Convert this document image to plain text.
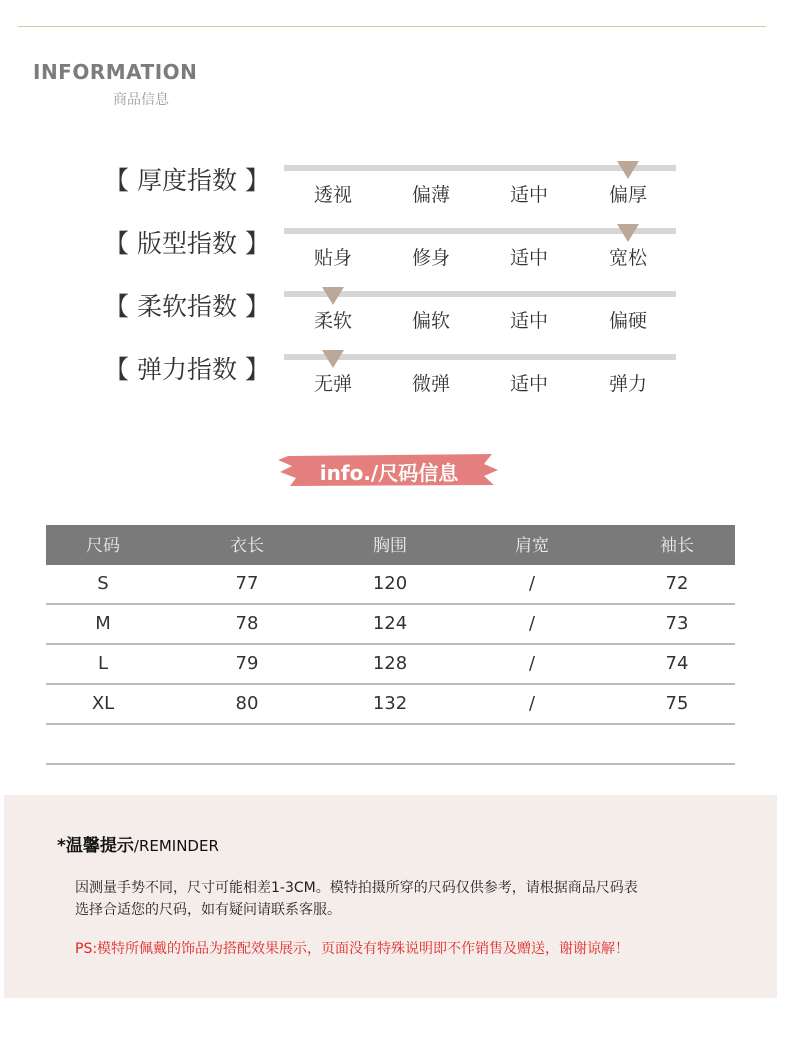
INFORMATION
商品信息
【 厚度指数 】	透视	偏薄	适中	偏厚
【 版型指数 】	贴身	修身	适中	宽松
【 柔软指数 】	柔软	偏软	适中	偏硬
【 弹力指数 】	无弹	微弹	适中	弹力
info./尺码信息
尺码	衣长	胸围	肩宽	袖长
S	77	120	/	72
M	78	124	/	73
L	79	128	/	74
XL	80	132	/	75
*温馨提示/REMINDER
因测量手势不同，尺寸可能相差1-3CM。模特拍摄所穿的尺码仅供参考，请根据商品尺码表
选择合适您的尺码，如有疑问请联系客服。
PS:模特所佩戴的饰品为搭配效果展示，页面没有特殊说明即不作销售及赠送，谢谢谅解！
